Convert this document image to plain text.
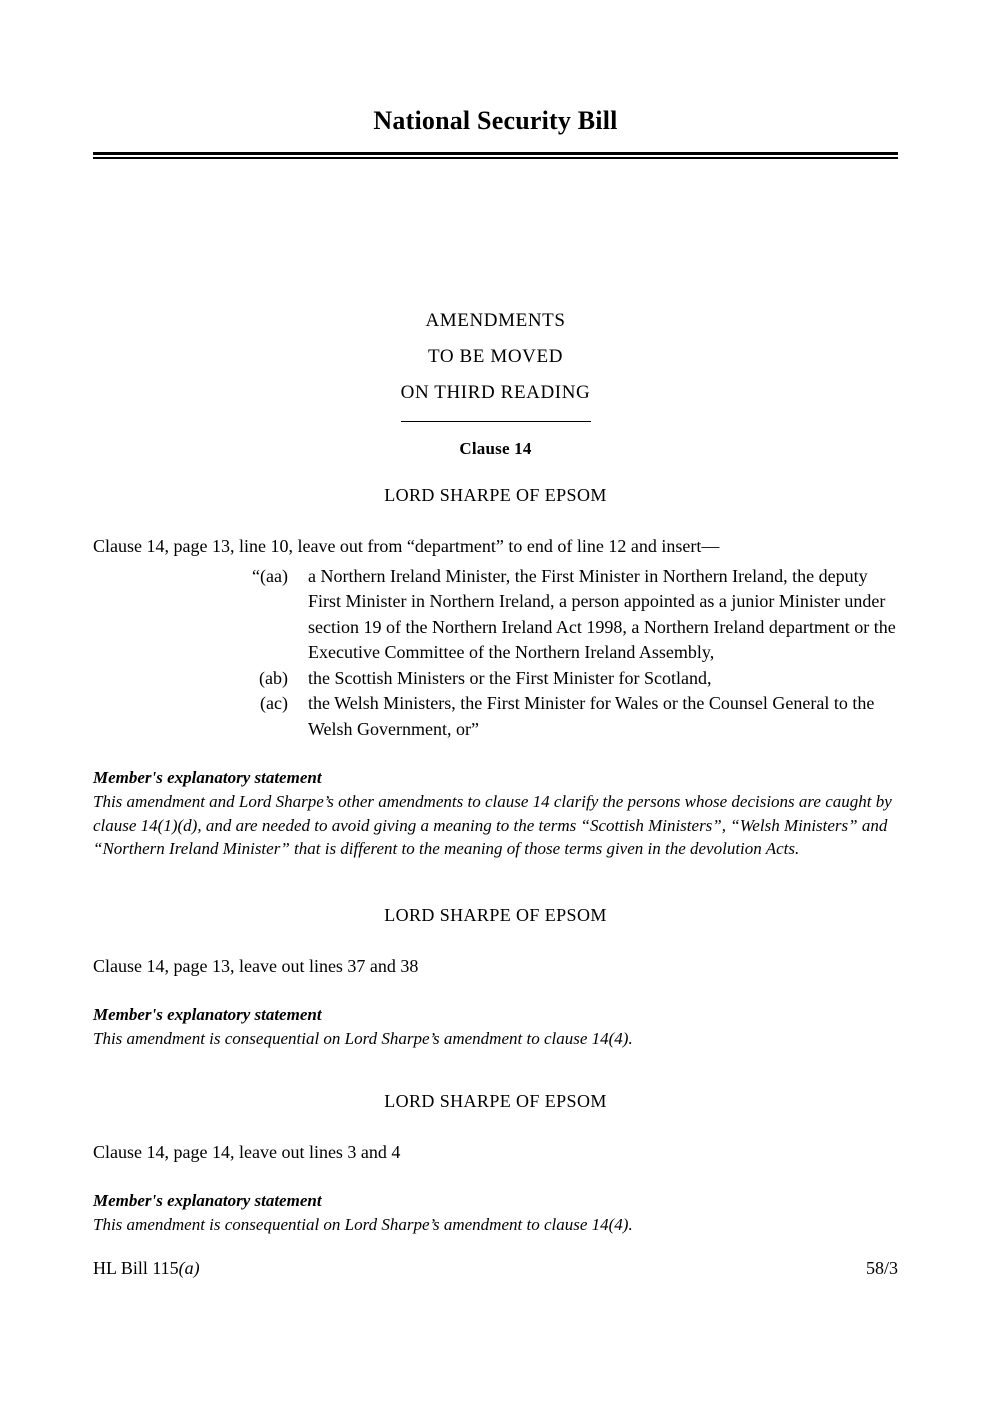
National Security Bill
AMENDMENTS
TO BE MOVED
ON THIRD READING
Clause 14
LORD SHARPE OF EPSOM
Clause 14, page 13, line 10, leave out from “department” to end of line 12 and insert—
“(aa) a Northern Ireland Minister, the First Minister in Northern Ireland, the deputy First Minister in Northern Ireland, a person appointed as a junior Minister under section 19 of the Northern Ireland Act 1998, a Northern Ireland department or the Executive Committee of the Northern Ireland Assembly,
(ab) the Scottish Ministers or the First Minister for Scotland,
(ac) the Welsh Ministers, the First Minister for Wales or the Counsel General to the Welsh Government, or”
Member's explanatory statement
This amendment and Lord Sharpe’s other amendments to clause 14 clarify the persons whose decisions are caught by clause 14(1)(d), and are needed to avoid giving a meaning to the terms “Scottish Ministers”, “Welsh Ministers” and “Northern Ireland Minister” that is different to the meaning of those terms given in the devolution Acts.
LORD SHARPE OF EPSOM
Clause 14, page 13, leave out lines 37 and 38
Member's explanatory statement
This amendment is consequential on Lord Sharpe’s amendment to clause 14(4).
LORD SHARPE OF EPSOM
Clause 14, page 14, leave out lines 3 and 4
Member's explanatory statement
This amendment is consequential on Lord Sharpe’s amendment to clause 14(4).
HL Bill 115(a)	58/3
